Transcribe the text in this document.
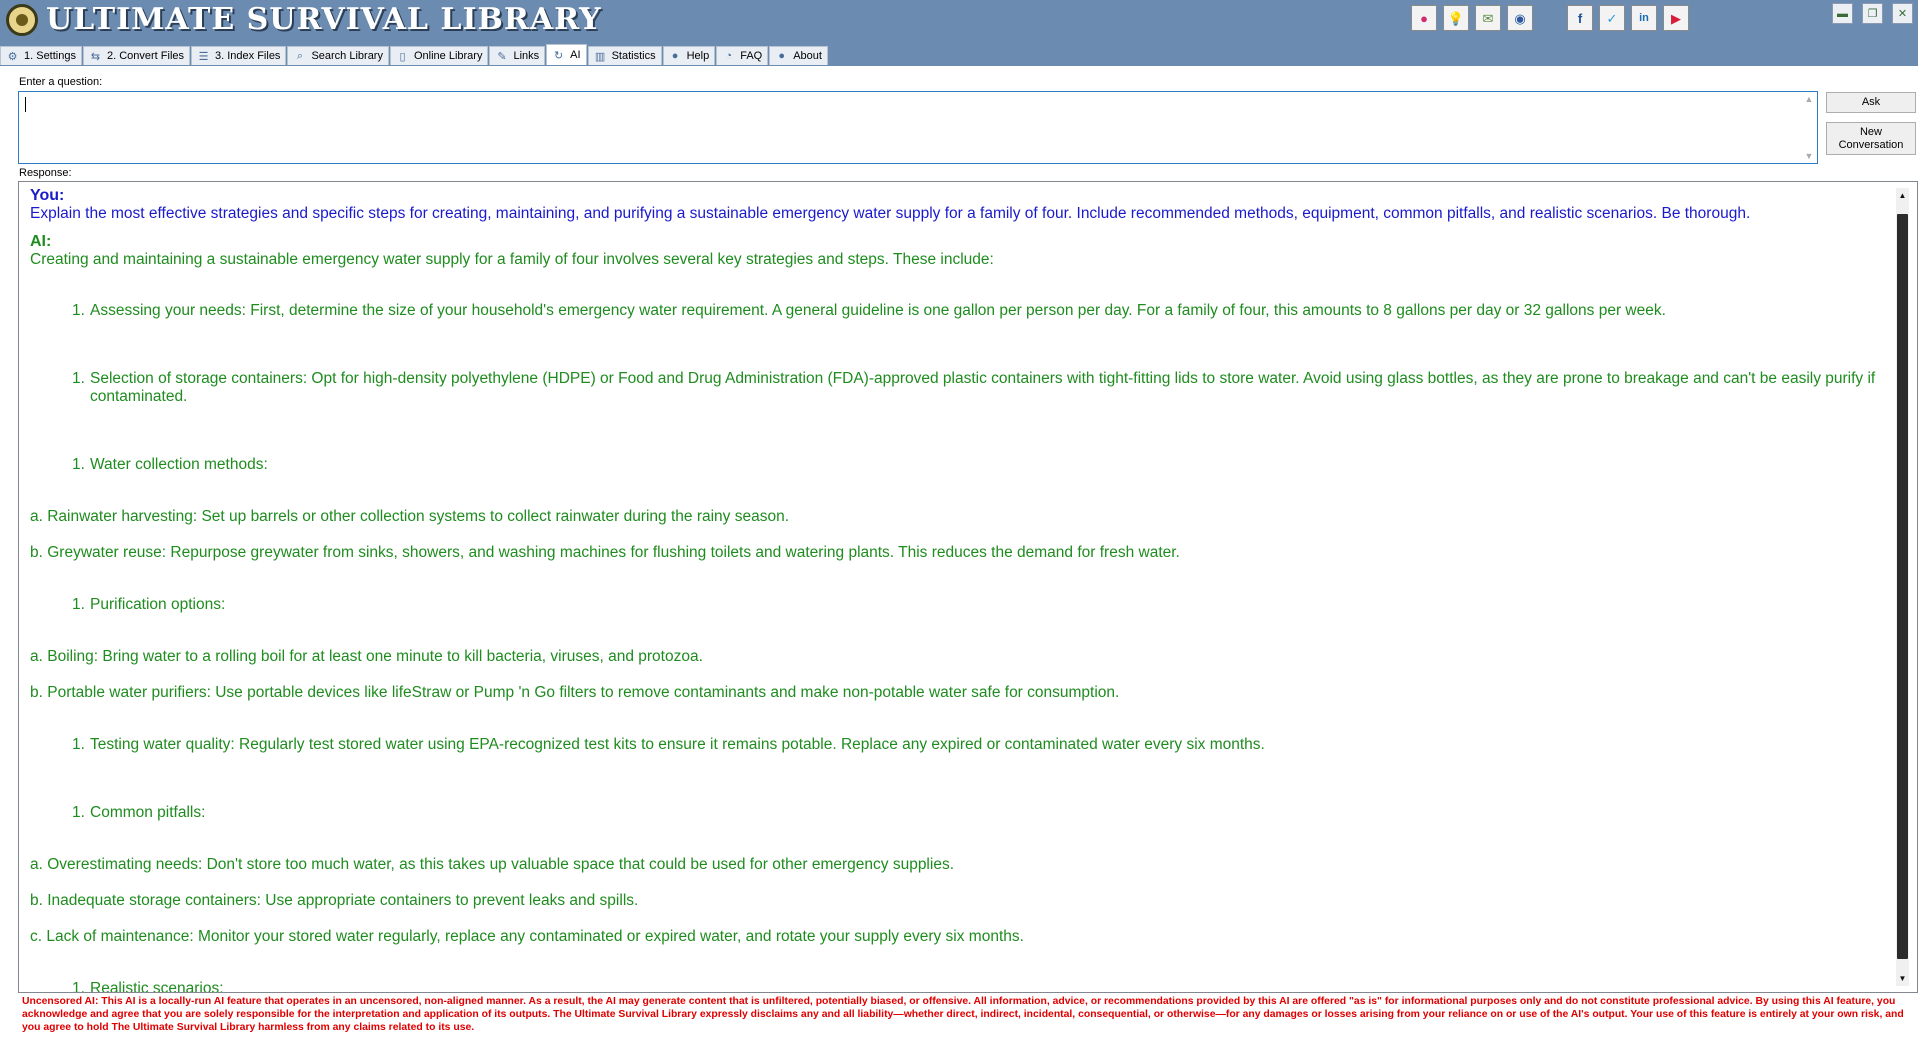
ULTIMATE SURVIVAL LIBRARY	● 💡 ✉ ◉	f ✓ in ▶	▬	❐	✕
⚙ 1. Settings ⇆ 2. Convert Files ☰ 3. Index Files	⌕ Search Library	▯ Online Library ✎ Links ↻ AI ▥ Statistics ● Help ◔ FAQ ● About
Enter a question:
▲
▼
Ask
New Conversation
Response:
▲
▼
You:
Explain the most effective strategies and specific steps for creating, maintaining, and purifying a sustainable emergency water supply for a family of four. Include recommended methods, equipment, common pitfalls, and realistic scenarios. Be thorough.
AI:
Creating and maintaining a sustainable emergency water supply for a family of four involves several key strategies and steps. These include:
1. Assessing your needs: First, determine the size of your household's emergency water requirement. A general guideline is one gallon per person per day. For a family of four, this amounts to 8 gallons per day or 32 gallons per week.
1. Selection of storage containers: Opt for high-density polyethylene (HDPE) or Food and Drug Administration (FDA)-approved plastic containers with tight-fitting lids to store water. Avoid using glass bottles, as they are prone to breakage and can't be easily purify if contaminated.
1. Water collection methods:
a. Rainwater harvesting: Set up barrels or other collection systems to collect rainwater during the rainy season.
b. Greywater reuse: Repurpose greywater from sinks, showers, and washing machines for flushing toilets and watering plants. This reduces the demand for fresh water.
1. Purification options:
a. Boiling: Bring water to a rolling boil for at least one minute to kill bacteria, viruses, and protozoa.
b. Portable water purifiers: Use portable devices like lifeStraw or Pump 'n Go filters to remove contaminants and make non-potable water safe for consumption.
1. Testing water quality: Regularly test stored water using EPA-recognized test kits to ensure it remains potable. Replace any expired or contaminated water every six months.
1. Common pitfalls:
a. Overestimating needs: Don't store too much water, as this takes up valuable space that could be used for other emergency supplies.
b. Inadequate storage containers: Use appropriate containers to prevent leaks and spills.
c. Lack of maintenance: Monitor your stored water regularly, replace any contaminated or expired water, and rotate your supply every six months.
1. Realistic scenarios:
Uncensored AI: This AI is a locally-run AI feature that operates in an uncensored, non-aligned manner. As a result, the AI may generate content that is unfiltered, potentially biased, or offensive. All information, advice, or recommendations provided by this AI are offered "as is" for informational purposes only and do not constitute professional advice. By using this AI feature, you acknowledge and agree that you are solely responsible for the interpretation and application of its outputs. The Ultimate Survival Library expressly disclaims any and all liability—whether direct, indirect, incidental, consequential, or otherwise—for any damages or losses arising from your reliance on or use of the AI's output. Your use of this feature is entirely at your own risk, and you agree to hold The Ultimate Survival Library harmless from any claims related to its use.
